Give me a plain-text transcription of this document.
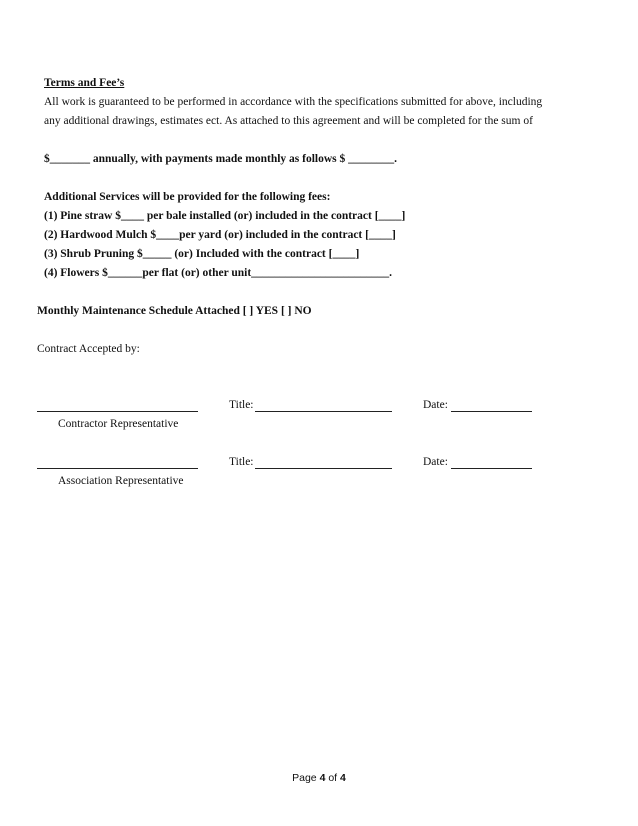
Terms and Fee’s
All work is guaranteed to be performed in accordance with the specifications submitted for above, including
any additional drawings, estimates ect. As attached to this agreement and will be completed for the sum of
$_______ annually, with payments made monthly as follows $ ________.
Additional Services will be provided for the following fees:
(1) Pine straw $____ per bale installed (or) included in the contract [____]
(2) Hardwood Mulch $____per yard (or) included in the contract [____]
(3) Shrub Pruning $_____ (or) Included with the contract [____]
(4) Flowers $______per flat (or) other unit________________________.
Monthly Maintenance Schedule Attached [ ] YES [ ] NO
Contract Accepted by:
Title:	Date:
Contractor Representative
Title:	Date:
Association Representative
Page 4 of 4
